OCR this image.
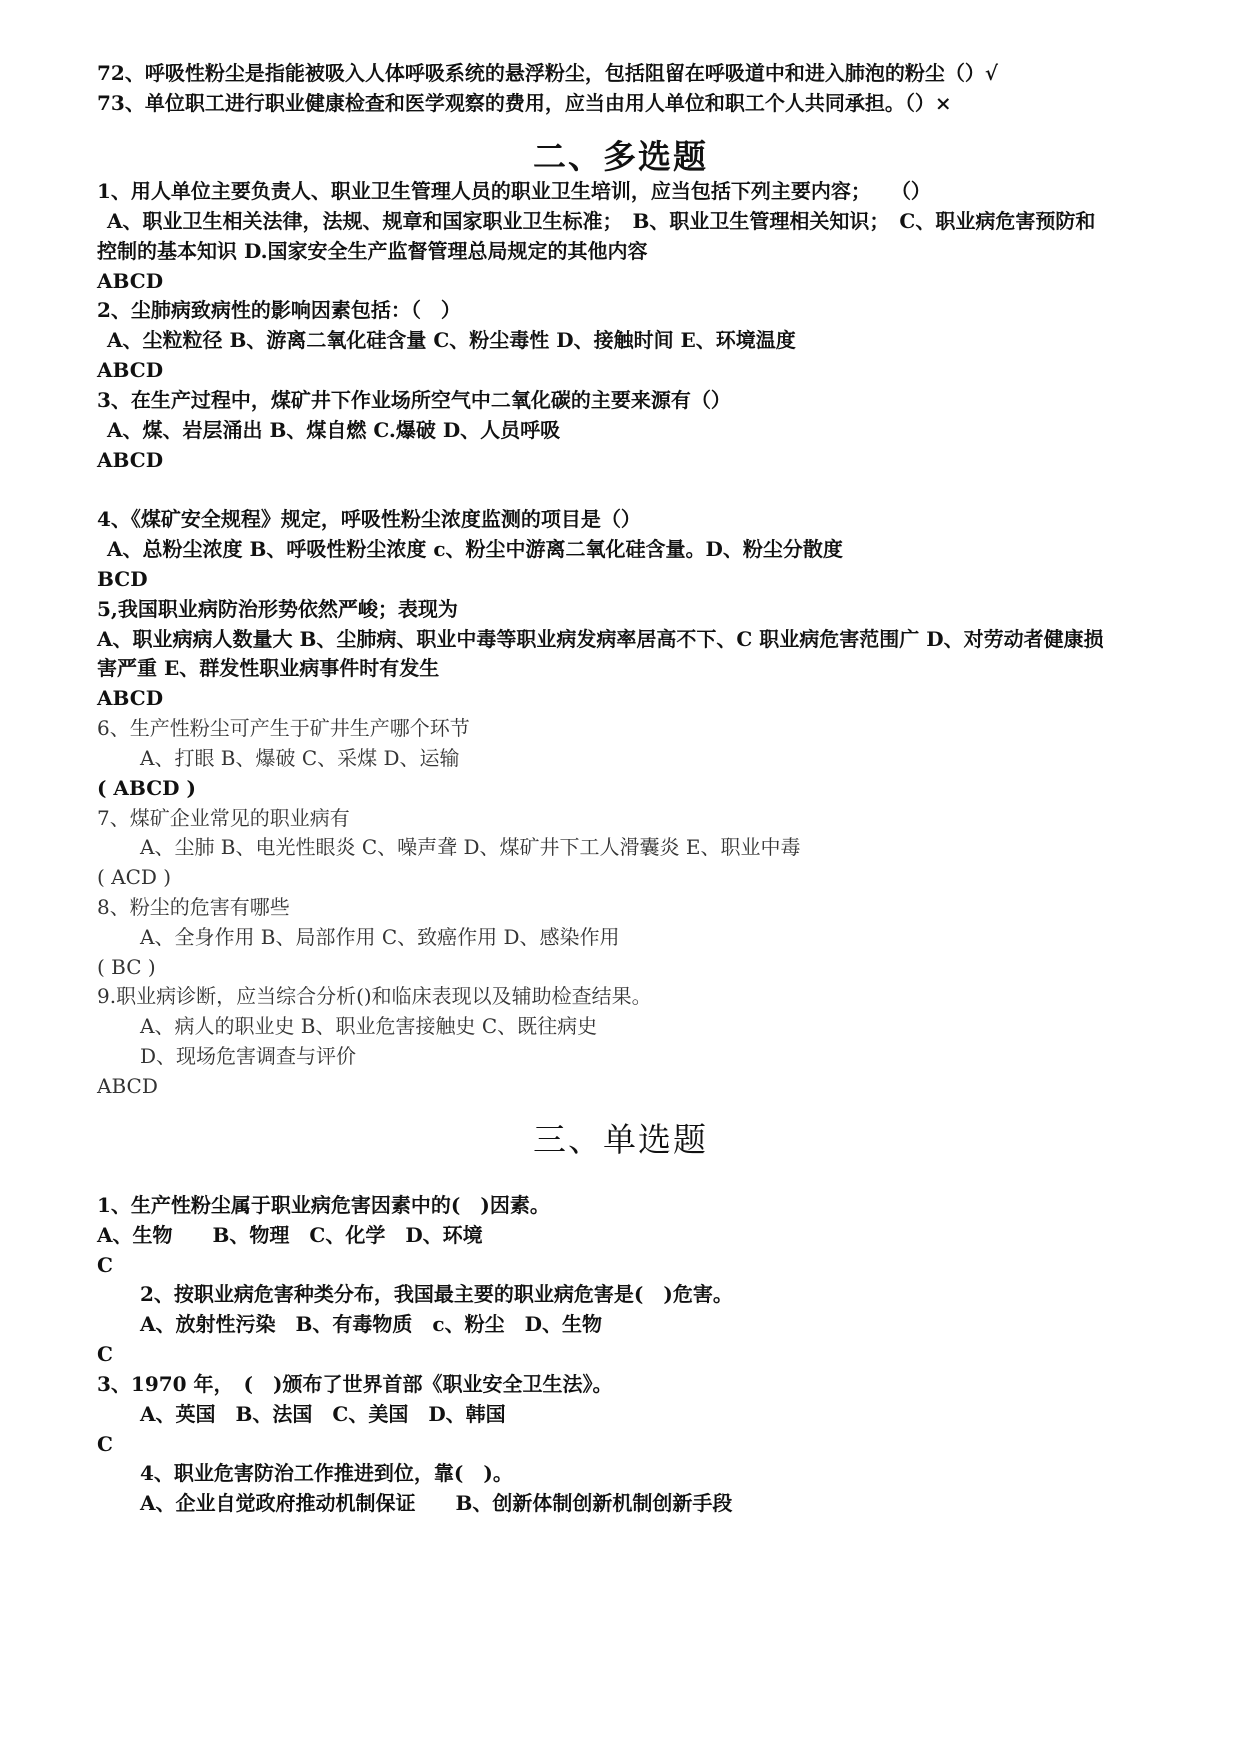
72、呼吸性粉尘是指能被吸入人体呼吸系统的悬浮粉尘，包括阻留在呼吸道中和进入肺泡的粉尘（）√
73、单位职工进行职业健康检查和医学观察的费用，应当由用人单位和职工个人共同承担。（）×
二、多选题
1、用人单位主要负责人、职业卫生管理人员的职业卫生培训，应当包括下列主要内容；　　（）
A、职业卫生相关法律，法规、规章和国家职业卫生标准；　B、职业卫生管理相关知识；　C、职业病危害预防和
控制的基本知识 D.国家安全生产监督管理总局规定的其他内容
ABCD
2、尘肺病致病性的影响因素包括：（　）
A、尘粒粒径 B、游离二氧化硅含量 C、粉尘毒性 D、接触时间 E、环境温度
ABCD
3、在生产过程中，煤矿井下作业场所空气中二氧化碳的主要来源有（）
A、煤、岩层涌出 B、煤自燃 C.爆破 D、人员呼吸
ABCD
4、《煤矿安全规程》规定，呼吸性粉尘浓度监测的项目是（）
A、总粉尘浓度 B、呼吸性粉尘浓度 c、粉尘中游离二氧化硅含量。D、粉尘分散度
BCD
5,我国职业病防治形势依然严峻；表现为
A、职业病病人数量大 B、尘肺病、职业中毒等职业病发病率居高不下、C 职业病危害范围广 D、对劳动者健康损
害严重 E、群发性职业病事件时有发生
ABCD
6、生产性粉尘可产生于矿井生产哪个环节
A、打眼 B、爆破 C、采煤 D、运输
( ABCD )
7、煤矿企业常见的职业病有
A、尘肺 B、电光性眼炎 C、噪声聋 D、煤矿井下工人滑囊炎 E、职业中毒
( ACD )
8、粉尘的危害有哪些
A、全身作用 B、局部作用 C、致癌作用 D、感染作用
( BC )
9.职业病诊断，应当综合分析()和临床表现以及辅助检查结果。
A、病人的职业史 B、职业危害接触史 C、既往病史
D、现场危害调查与评价
ABCD
三、单选题
1、生产性粉尘属于职业病危害因素中的(　)因素。
A、生物　　B、物理　C、化学　D、环境
C
2、按职业病危害种类分布，我国最主要的职业病危害是(　)危害。
A、放射性污染　B、有毒物质　c、粉尘　D、生物
C
3、1970 年，　(　)颁布了世界首部《职业安全卫生法》。
A、英国　B、法国　C、美国　D、韩国
C
4、职业危害防治工作推进到位，靠(　)。
A、企业自觉政府推动机制保证　　B、创新体制创新机制创新手段
